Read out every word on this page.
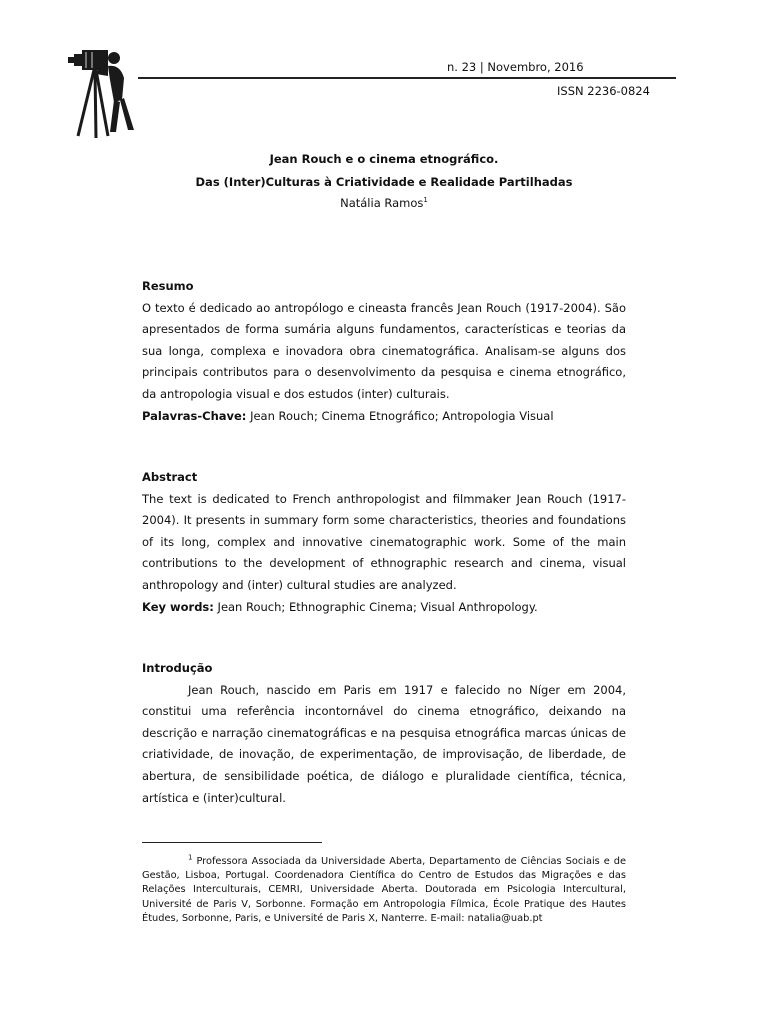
n. 23 | Novembro, 2016
ISSN 2236-0824
Jean Rouch e o cinema etnográfico.
Das (Inter)Culturas à Criatividade e Realidade Partilhadas
Natália Ramos$^1$
Resumo
O texto é dedicado ao antropólogo e cineasta francês Jean Rouch (1917-2004). São apresentados de forma sumária alguns fundamentos, características e teorias da sua longa, complexa e inovadora obra cinematográfica. Analisam-se alguns dos principais contributos para o desenvolvimento da pesquisa e cinema etnográfico, da antropologia visual e dos estudos (inter) culturais.
Palavras-Chave: Jean Rouch; Cinema Etnográfico; Antropologia Visual
Abstract
The text is dedicated to French anthropologist and filmmaker Jean Rouch (1917-2004). It presents in summary form some characteristics, theories and foundations of its long, complex and innovative cinematographic work. Some of the main contributions to the development of ethnographic research and cinema, visual anthropology and (inter) cultural studies are analyzed.
Key words: Jean Rouch; Ethnographic Cinema; Visual Anthropology.
Introdução
Jean Rouch, nascido em Paris em 1917 e falecido no Níger em 2004, constitui uma referência incontornável do cinema etnográfico, deixando na descrição e narração cinematográficas e na pesquisa etnográfica marcas únicas de criatividade, de inovação, de experimentação, de improvisação, de liberdade, de abertura, de sensibilidade poética, de diálogo e pluralidade científica, técnica, artística e (inter)cultural.
$^1$ Professora Associada da Universidade Aberta, Departamento de Ciências Sociais e de Gestão, Lisboa, Portugal. Coordenadora Científica do Centro de Estudos das Migrações e das Relações Interculturais, CEMRI, Universidade Aberta. Doutorada em Psicologia Intercultural, Université de Paris V, Sorbonne. Formação em Antropologia Fílmica, École Pratique des Hautes Études, Sorbonne, Paris, e Université de Paris X, Nanterre. E-mail: natalia@uab.pt
